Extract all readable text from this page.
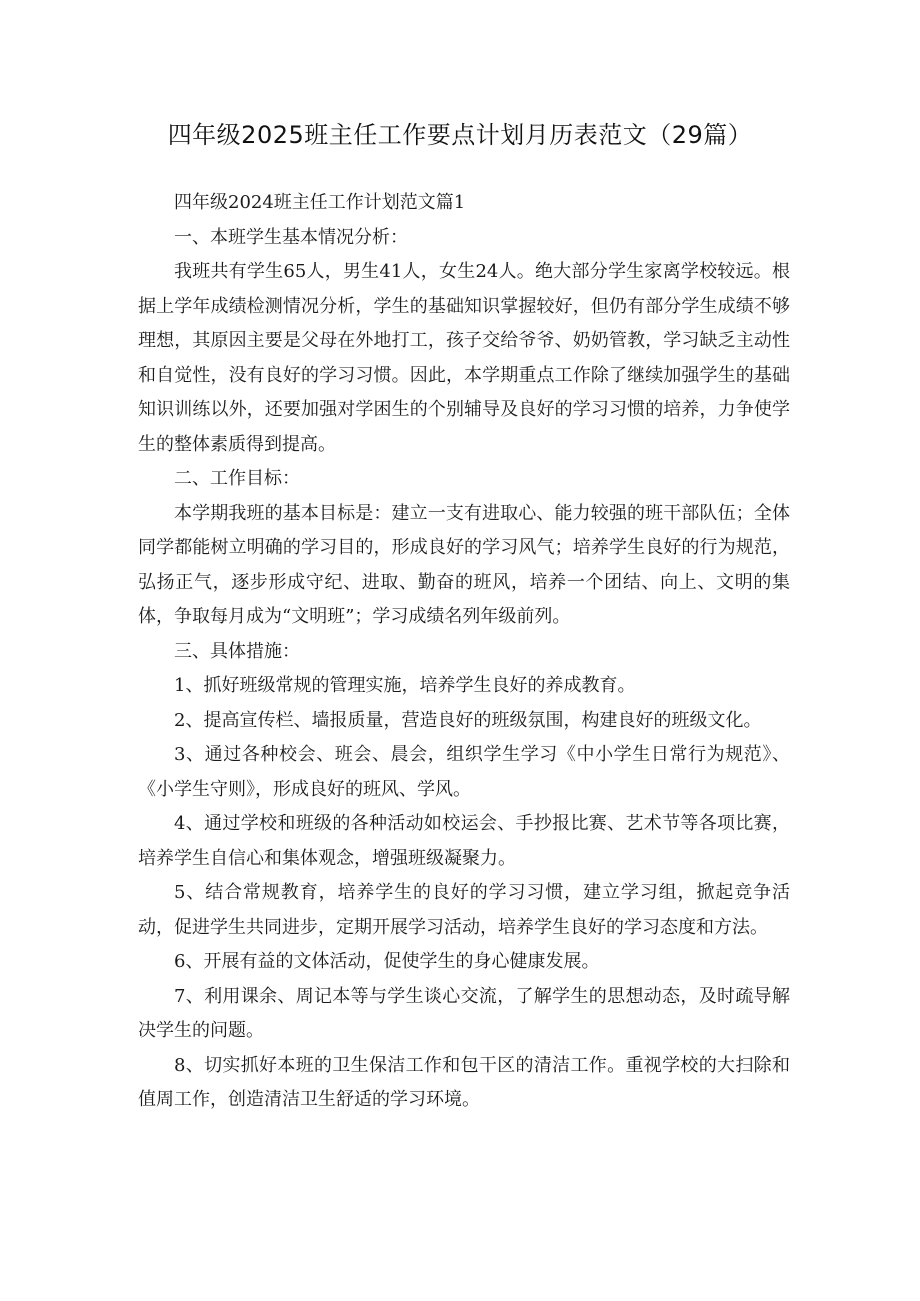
四年级2025班主任工作要点计划月历表范文（29篇）

四年级2024班主任工作计划范文篇1

一、本班学生基本情况分析：

我班共有学生65人，男生41人，女生24人。绝大部分学生家离学校较远。根据上学年成绩检测情况分析，学生的基础知识掌握较好，但仍有部分学生成绩不够理想，其原因主要是父母在外地打工，孩子交给爷爷、奶奶管教，学习缺乏主动性和自觉性，没有良好的学习习惯。因此，本学期重点工作除了继续加强学生的基础知识训练以外，还要加强对学困生的个别辅导及良好的学习习惯的培养，力争使学生的整体素质得到提高。

二、工作目标：

本学期我班的基本目标是：建立一支有进取心、能力较强的班干部队伍；全体同学都能树立明确的学习目的，形成良好的学习风气；培养学生良好的行为规范，弘扬正气，逐步形成守纪、进取、勤奋的班风，培养一个团结、向上、文明的集体，争取每月成为“文明班”；学习成绩名列年级前列。

三、具体措施：

1、抓好班级常规的管理实施，培养学生良好的养成教育。

2、提高宣传栏、墙报质量，营造良好的班级氛围，构建良好的班级文化。

3、通过各种校会、班会、晨会，组织学生学习《中小学生日常行为规范》、《小学生守则》，形成良好的班风、学风。

4、通过学校和班级的各种活动如校运会、手抄报比赛、艺术节等各项比赛，培养学生自信心和集体观念，增强班级凝聚力。

5、结合常规教育，培养学生的良好的学习习惯，建立学习组，掀起竞争活动，促进学生共同进步，定期开展学习活动，培养学生良好的学习态度和方法。

6、开展有益的文体活动，促使学生的身心健康发展。

7、利用课余、周记本等与学生谈心交流，了解学生的思想动态，及时疏导解决学生的问题。

8、切实抓好本班的卫生保洁工作和包干区的清洁工作。重视学校的大扫除和值周工作，创造清洁卫生舒适的学习环境。
